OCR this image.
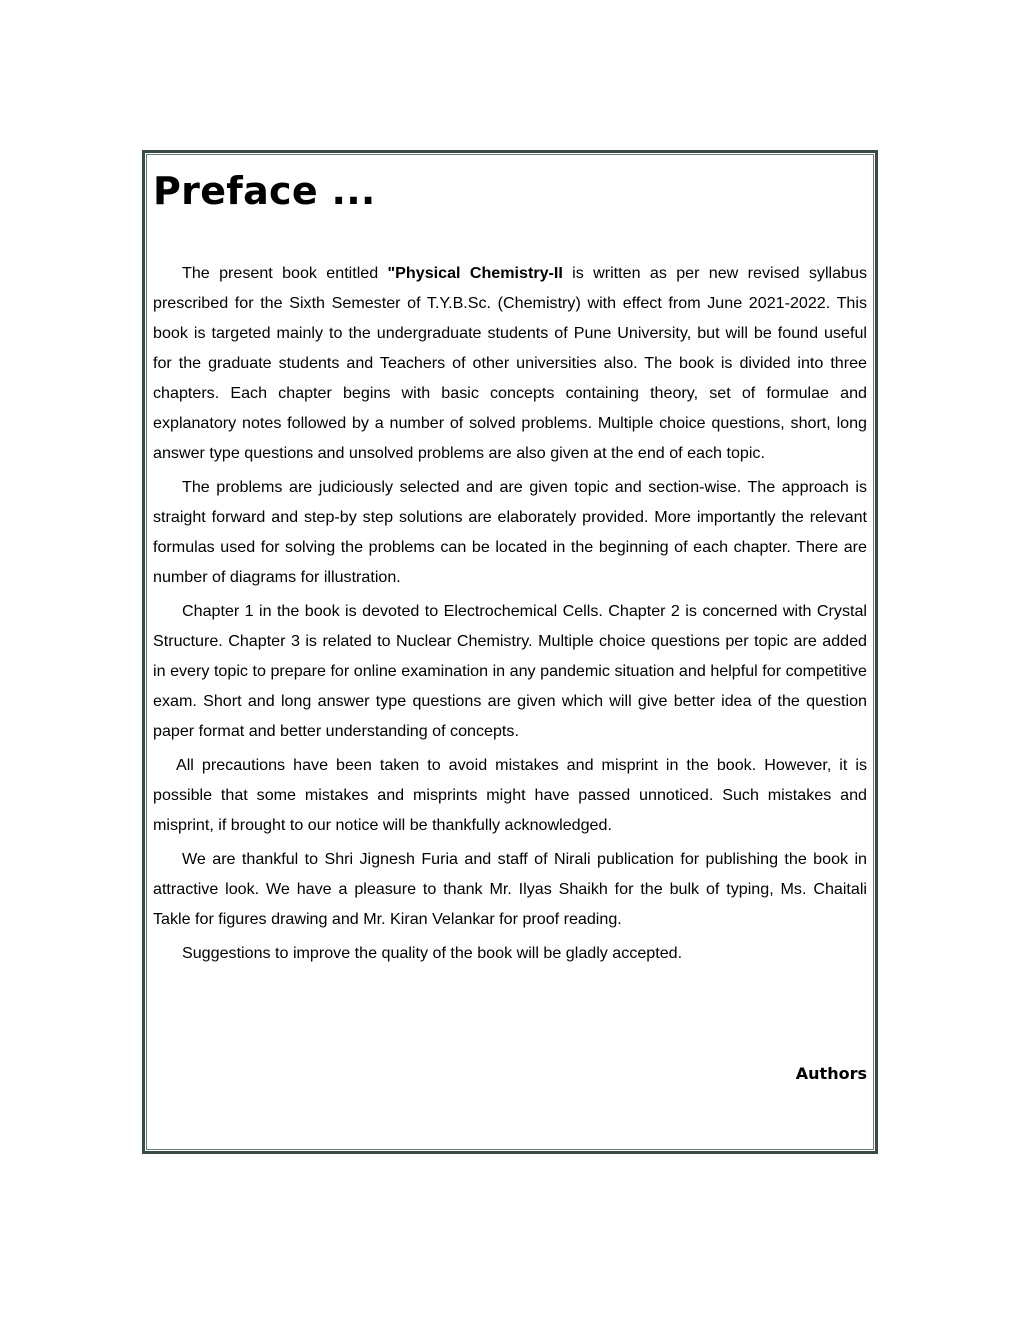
Preface ...

The present book entitled "Physical Chemistry-II is written as per new revised syllabus prescribed for the Sixth Semester of T.Y.B.Sc. (Chemistry) with effect from June 2021-2022. This book is targeted mainly to the undergraduate students of Pune University, but will be found useful for the graduate students and Teachers of other universities also. The book is divided into three chapters. Each chapter begins with basic concepts containing theory, set of formulae and explanatory notes followed by a number of solved problems. Multiple choice questions, short, long answer type questions and unsolved problems are also given at the end of each topic.

The problems are judiciously selected and are given topic and section-wise. The approach is straight forward and step-by step solutions are elaborately provided. More importantly the relevant formulas used for solving the problems can be located in the beginning of each chapter. There are number of diagrams for illustration.

Chapter 1 in the book is devoted to Electrochemical Cells. Chapter 2 is concerned with Crystal Structure. Chapter 3 is related to Nuclear Chemistry. Multiple choice questions per topic are added in every topic to prepare for online examination in any pandemic situation and helpful for competitive exam. Short and long answer type questions are given which will give better idea of the question paper format and better understanding of concepts.

All precautions have been taken to avoid mistakes and misprint in the book. However, it is possible that some mistakes and misprints might have passed unnoticed. Such mistakes and misprint, if brought to our notice will be thankfully acknowledged.

We are thankful to Shri Jignesh Furia and staff of Nirali publication for publishing the book in attractive look. We have a pleasure to thank Mr. Ilyas Shaikh for the bulk of typing, Ms. Chaitali Takle for figures drawing and Mr. Kiran Velankar for proof reading.

Suggestions to improve the quality of the book will be gladly accepted.

Authors
